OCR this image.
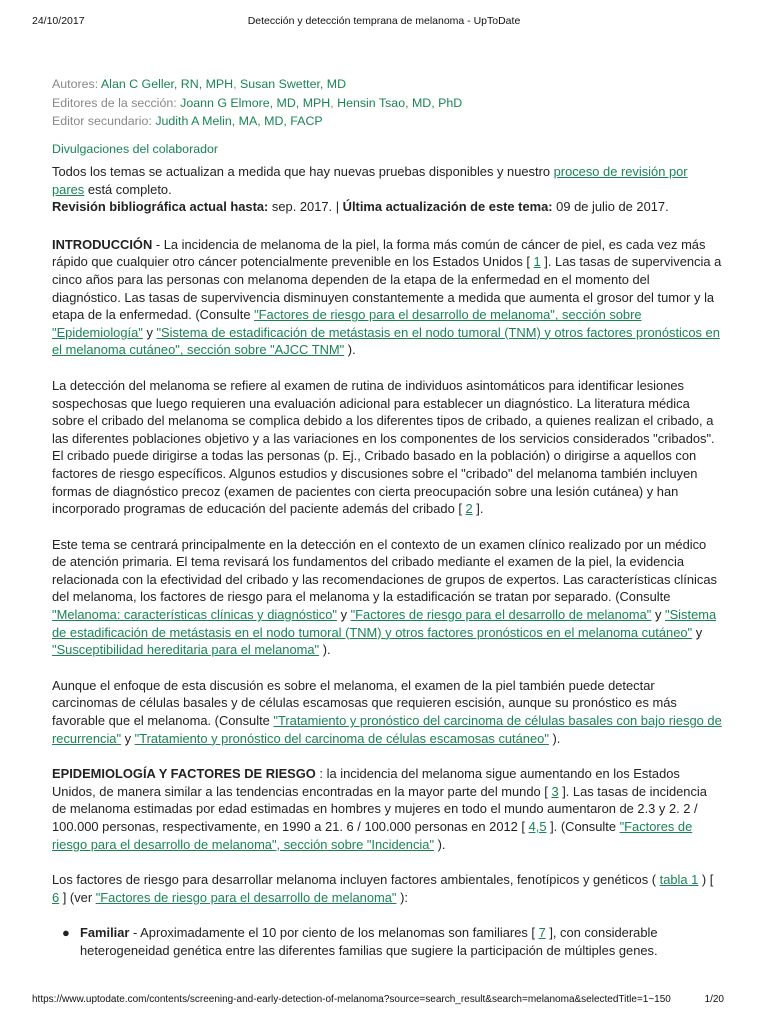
24/10/2017	Detección y detección temprana de melanoma - UpToDate
Autores: Alan C Geller, RN, MPH, Susan Swetter, MD
Editores de la sección: Joann G Elmore, MD, MPH, Hensin Tsao, MD, PhD
Editor secundario: Judith A Melin, MA, MD, FACP
Divulgaciones del colaborador

Todos los temas se actualizan a medida que hay nuevas pruebas disponibles y nuestro proceso de revisión por pares está completo.
Revisión bibliográfica actual hasta: sep. 2017. | Última actualización de este tema: 09 de julio de 2017.

INTRODUCCIÓN - La incidencia de melanoma de la piel, la forma más común de cáncer de piel, es cada vez más rápido que cualquier otro cáncer potencialmente prevenible en los Estados Unidos [ 1 ]. Las tasas de supervivencia a cinco años para las personas con melanoma dependen de la etapa de la enfermedad en el momento del diagnóstico. Las tasas de supervivencia disminuyen constantemente a medida que aumenta el grosor del tumor y la etapa de la enfermedad. (Consulte "Factores de riesgo para el desarrollo de melanoma", sección sobre "Epidemiología" y "Sistema de estadificación de metástasis en el nodo tumoral (TNM) y otros factores pronósticos en el melanoma cutáneo", sección sobre "AJCC TNM" ).

La detección del melanoma se refiere al examen de rutina de individuos asintomáticos para identificar lesiones sospechosas que luego requieren una evaluación adicional para establecer un diagnóstico. La literatura médica sobre el cribado del melanoma se complica debido a los diferentes tipos de cribado, a quienes realizan el cribado, a las diferentes poblaciones objetivo y a las variaciones en los componentes de los servicios considerados "cribados". El cribado puede dirigirse a todas las personas (p. Ej., Cribado basado en la población) o dirigirse a aquellos con factores de riesgo específicos. Algunos estudios y discusiones sobre el "cribado" del melanoma también incluyen formas de diagnóstico precoz (examen de pacientes con cierta preocupación sobre una lesión cutánea) y han incorporado programas de educación del paciente además del cribado [ 2 ].

Este tema se centrará principalmente en la detección en el contexto de un examen clínico realizado por un médico de atención primaria. El tema revisará los fundamentos del cribado mediante el examen de la piel, la evidencia relacionada con la efectividad del cribado y las recomendaciones de grupos de expertos. Las características clínicas del melanoma, los factores de riesgo para el melanoma y la estadificación se tratan por separado. (Consulte "Melanoma: características clínicas y diagnóstico" y "Factores de riesgo para el desarrollo de melanoma" y "Sistema de estadificación de metástasis en el nodo tumoral (TNM) y otros factores pronósticos en el melanoma cutáneo" y "Susceptibilidad hereditaria para el melanoma" ).

Aunque el enfoque de esta discusión es sobre el melanoma, el examen de la piel también puede detectar carcinomas de células basales y de células escamosas que requieren escisión, aunque su pronóstico es más favorable que el melanoma. (Consulte "Tratamiento y pronóstico del carcinoma de células basales con bajo riesgo de recurrencia" y "Tratamiento y pronóstico del carcinoma de células escamosas cutáneo" ).

EPIDEMIOLOGÍA Y FACTORES DE RIESGO : la incidencia del melanoma sigue aumentando en los Estados Unidos, de manera similar a las tendencias encontradas en la mayor parte del mundo [ 3 ]. Las tasas de incidencia de melanoma estimadas por edad estimadas en hombres y mujeres en todo el mundo aumentaron de 2.3 y 2. 2 / 100.000 personas, respectivamente, en 1990 a 21. 6 / 100.000 personas en 2012 [ 4,5 ]. (Consulte "Factores de riesgo para el desarrollo de melanoma", sección sobre "Incidencia" ).

Los factores de riesgo para desarrollar melanoma incluyen factores ambientales, fenotípicos y genéticos ( tabla 1 ) [ 6 ] (ver "Factores de riesgo para el desarrollo de melanoma" ):

● Familiar - Aproximadamente el 10 por ciento de los melanomas son familiares [ 7 ], con considerable heterogeneidad genética entre las diferentes familias que sugiere la participación de múltiples genes.
https://www.uptodate.com/contents/screening-and-early-detection-of-melanoma?source=search_result&search=melanoma&selectedTitle=1~150	1/20
